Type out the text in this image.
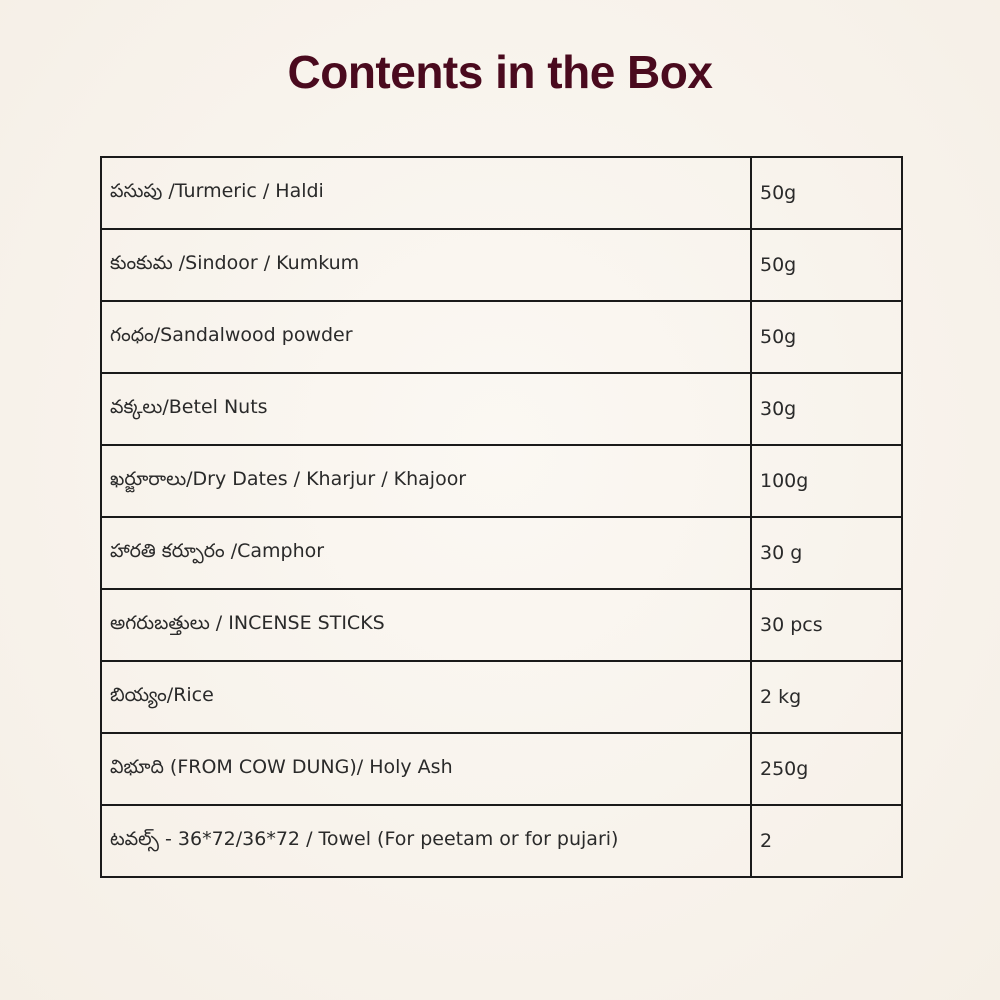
Contents in the Box
పసుపు /Turmeric / Haldi	50g
కుంకుమ /Sindoor / Kumkum	50g
గంధం/Sandalwood powder	50g
వక్కలు/Betel Nuts	30g
ఖర్జూరాలు/Dry Dates / Kharjur / Khajoor	100g
హారతి కర్పూరం /Camphor	30 g
అగరుబత్తులు / INCENSE STICKS	30 pcs
బియ్యం/Rice	2 kg
విభూది (FROM COW DUNG)/ Holy Ash	250g
టవల్స్ - 36*72/36*72 / Towel (For peetam or for pujari)	2
